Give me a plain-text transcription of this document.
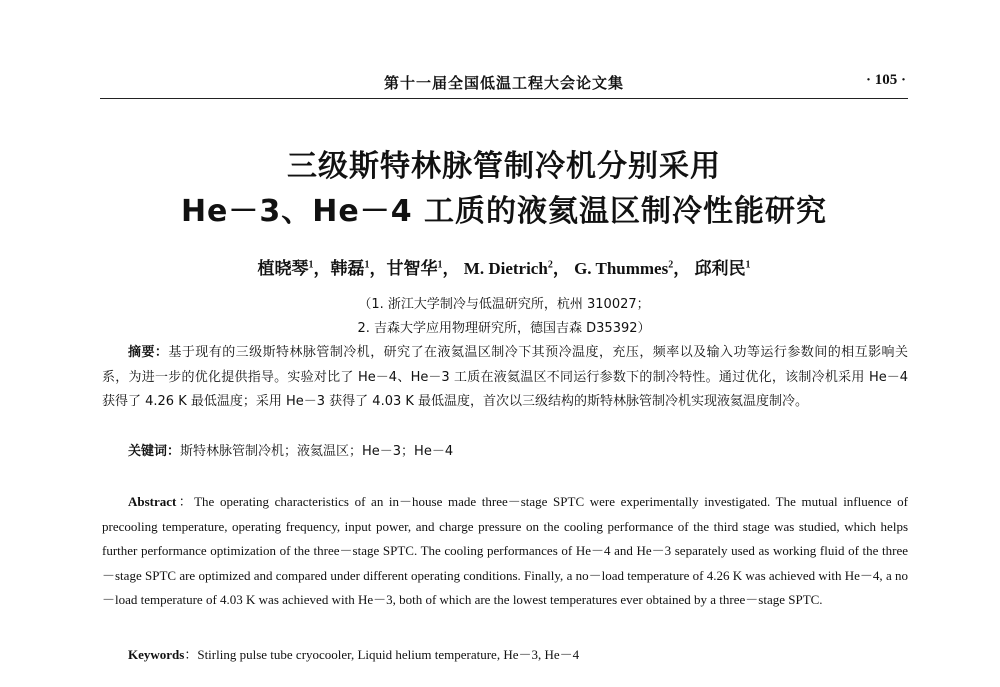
第十一届全国低温工程大会论文集	· 105 ·
三级斯特林脉管制冷机分别采用
He－3、He－4 工质的液氦温区制冷性能研究
植晓琴$^1$，韩磊$^1$，甘智华$^1$， M. Dietrich$^2$， G. Thummes$^2$， 邱利民$^1$
（1. 浙江大学制冷与低温研究所，杭州 310027；
2. 吉森大学应用物理研究所，德国吉森 D35392）
摘要：基于现有的三级斯特林脉管制冷机，研究了在液氦温区制冷下其预冷温度，充压，频率以及输入功等运行参数间的相互影响关系，为进一步的优化提供指导。实验对比了 He－4、He－3 工质在液氦温区不同运行参数下的制冷特性。通过优化，该制冷机采用 He－4 获得了 4.26 K 最低温度；采用 He－3 获得了 4.03 K 最低温度，首次以三级结构的斯特林脉管制冷机实现液氦温度制冷。
关键词：斯特林脉管制冷机；液氦温区；He－3；He－4
Abstract：The operating characteristics of an in－house made three－stage SPTC were experimentally investigated. The mutual influence of precooling temperature, operating frequency, input power, and charge pressure on the cooling performance of the third stage was studied, which helps further performance optimization of the three－stage SPTC. The cooling performances of He－4 and He－3 separately used as working fluid of the three－stage SPTC are optimized and compared under different operating conditions. Finally, a no－load temperature of 4.26 K was achieved with He－4, a no－load temperature of 4.03 K was achieved with He－3, both of which are the lowest temperatures ever obtained by a three－stage SPTC.
Keywords：Stirling pulse tube cryocooler, Liquid helium temperature, He－3, He－4
